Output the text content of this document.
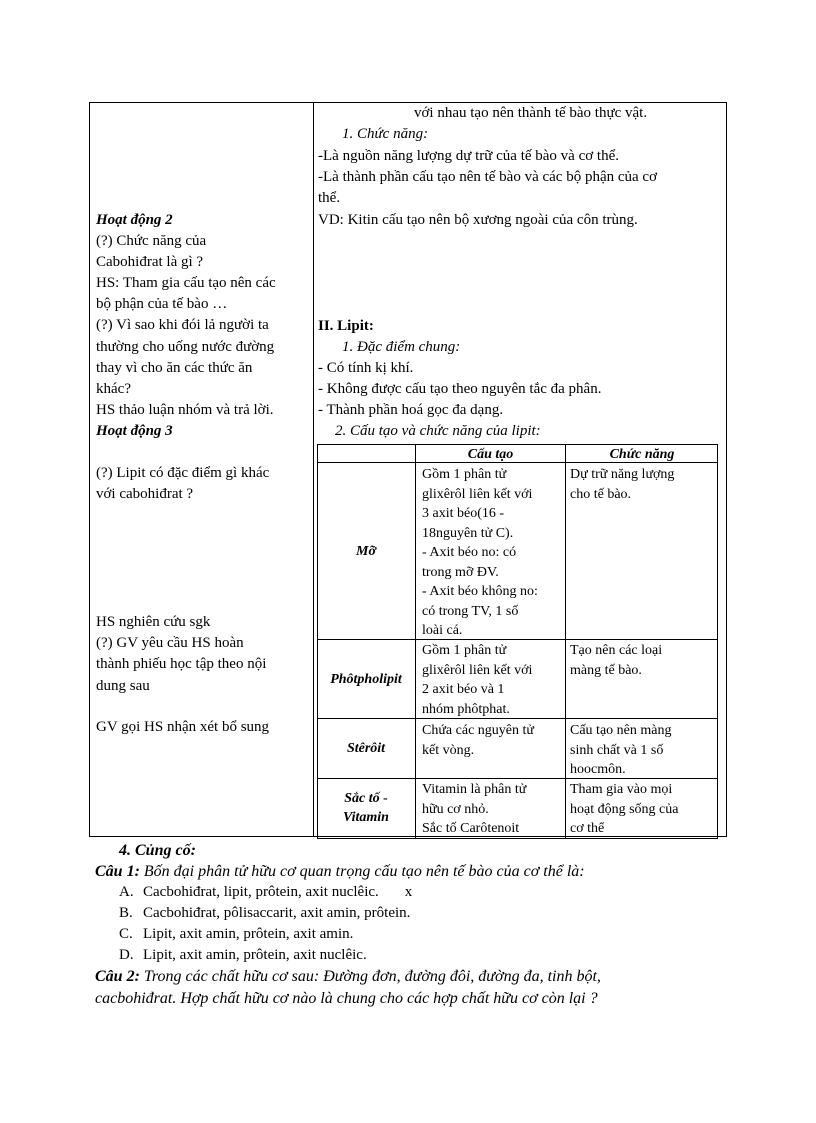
với nhau tạo nên thành tế bào thực vật.
1. Chức năng:
-Là nguồn năng lượng dự trữ của tế bào và cơ thể.
-Là thành phần cấu tạo nên tế bào và các bộ phận của cơ
thể.
VD: Kitin cấu tạo nên bộ xương ngoài của côn trùng.
Hoạt động 2
(?) Chức năng của
Cabohiđrat là gì ?
HS: Tham gia cấu tạo nên các
bộ phận của tế bào …
(?) Vì sao khi đói lả người ta
thường cho uống nước đường
thay vì cho ăn các thức ăn
khác?
HS thảo luận nhóm và trả lời.
Hoạt động 3
(?) Lipit có đặc điểm gì khác
với cabohiđrat ?
HS nghiên cứu sgk
(?) GV yêu cầu HS hoàn
thành phiếu học tập theo nội
dung sau
GV gọi HS nhận xét bổ sung
II. Lipit:
1. Đặc điểm chung:
- Có tính kị khí.
- Không được cấu tạo theo nguyên tắc đa phân.
- Thành phần hoá gọc đa dạng.
2. Cấu tạo và chức năng của lipit:
Cấu tạo	Chức năng
Mỡ
Gồm 1 phân tử
glixêrôl liên kết với
3 axit béo(16 -
18nguyên tử C).
- Axit béo no: có
trong mỡ ĐV.
- Axit béo không no:
có trong TV, 1 số
loài cá.
Dự trữ năng lượng
cho tế bào.
Phôtpholipit
Gồm 1 phân tử
glixêrôl liên kết với
2 axit béo và 1
nhóm phôtphat.
Tạo nên các loại
màng tế bào.
Stêrôit
Chứa các nguyên tử
kết vòng.
Cấu tạo nên màng
sinh chất và 1 số
hoocmôn.
Sắc tố -
Vitamin
Vitamin là phân tử
hữu cơ nhỏ.
Sắc tố Carôtenoit
Tham gia vào mọi
hoạt động sống của
cơ thể
4. Củng cố:
Câu 1: Bốn đại phân tử hữu cơ quan trọng cấu tạo nên tế bào của cơ thể là:
A. Cacbohiđrat, lipit, prôtein, axit nuclêic. x
B. Cacbohiđrat, pôlisaccarit, axit amin, prôtein.
C. Lipit, axit amin, prôtein, axit amin.
D. Lipit, axit amin, prôtein, axit nuclêic.
Câu 2: Trong các chất hữu cơ sau: Đường đơn, đường đôi, đường đa, tinh bột,
cacbohiđrat. Hợp chất hữu cơ nào là chung cho các hợp chất hữu cơ còn lại ?
